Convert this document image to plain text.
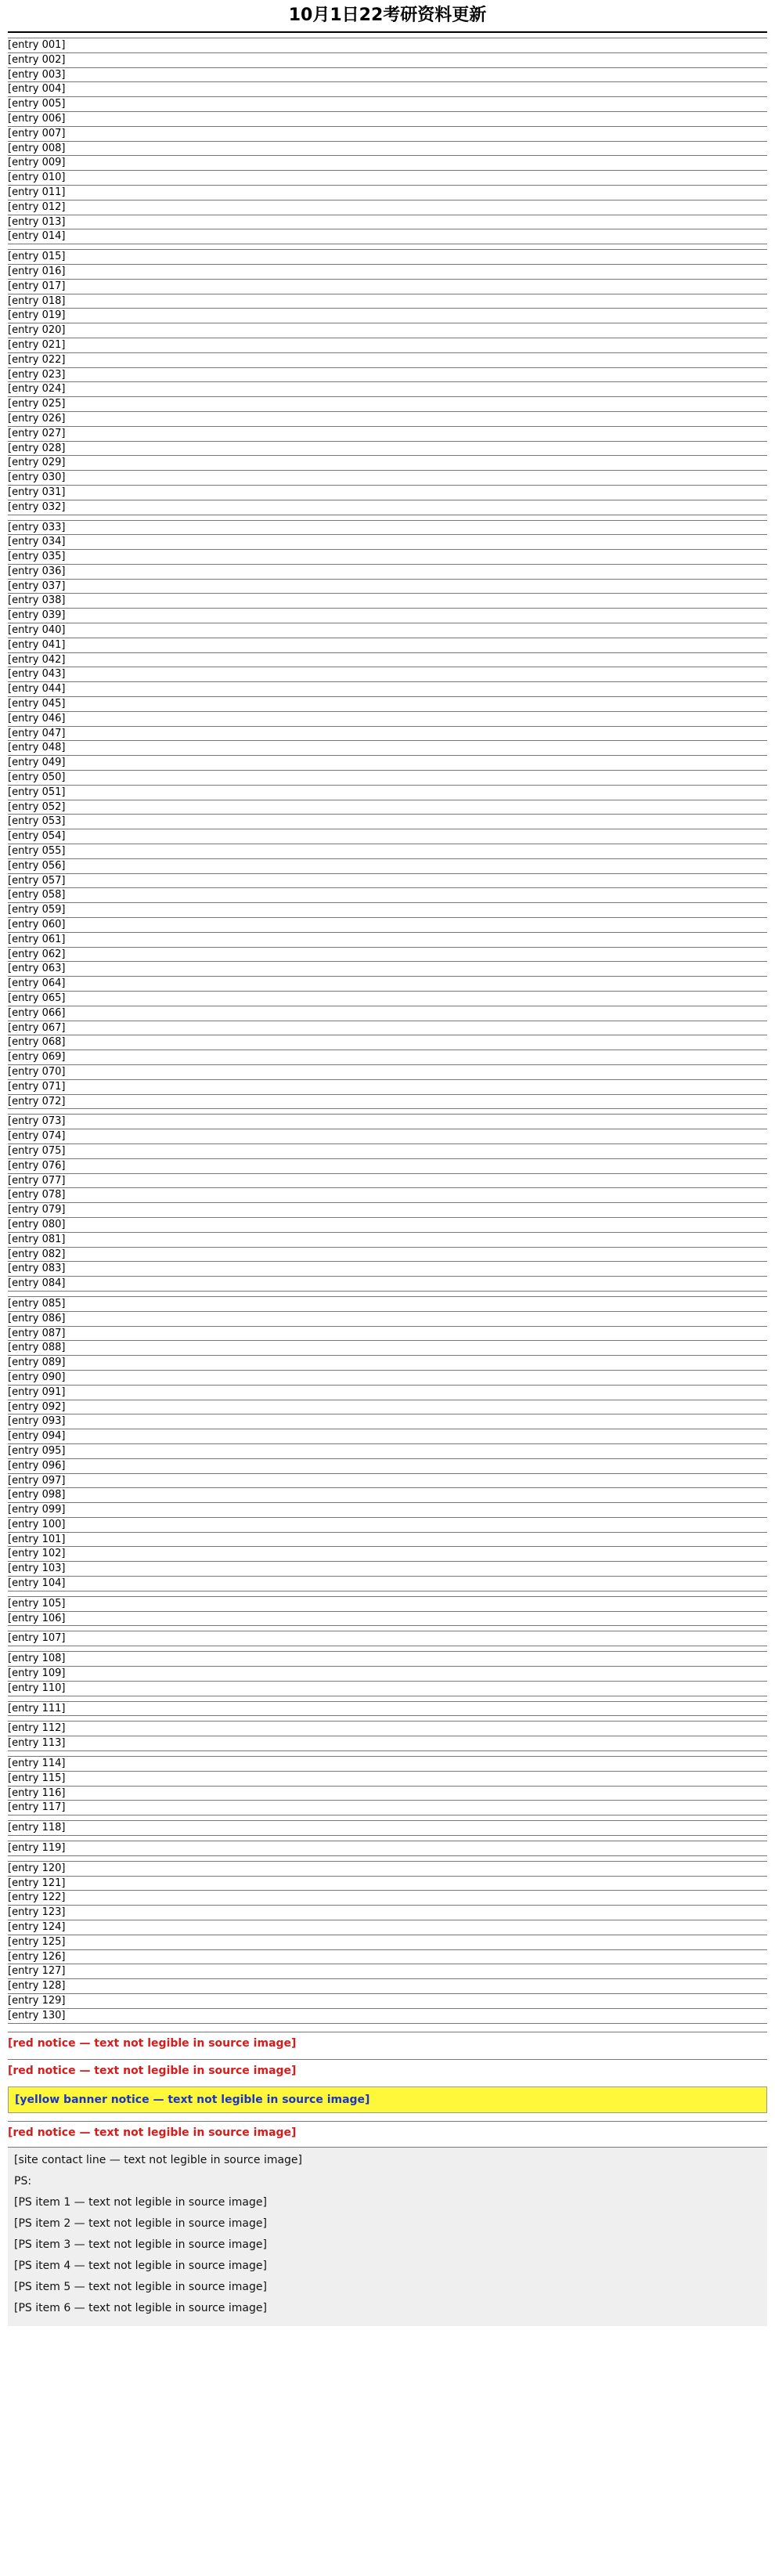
10月1日22考研资料更新
[entry 001]
[entry 002]
[entry 003]
[entry 004]
[entry 005]
[entry 006]
[entry 007]
[entry 008]
[entry 009]
[entry 010]
[entry 011]
[entry 012]
[entry 013]
[entry 014]
[entry 015]
[entry 016]
[entry 017]
[entry 018]
[entry 019]
[entry 020]
[entry 021]
[entry 022]
[entry 023]
[entry 024]
[entry 025]
[entry 026]
[entry 027]
[entry 028]
[entry 029]
[entry 030]
[entry 031]
[entry 032]
[entry 033]
[entry 034]
[entry 035]
[entry 036]
[entry 037]
[entry 038]
[entry 039]
[entry 040]
[entry 041]
[entry 042]
[entry 043]
[entry 044]
[entry 045]
[entry 046]
[entry 047]
[entry 048]
[entry 049]
[entry 050]
[entry 051]
[entry 052]
[entry 053]
[entry 054]
[entry 055]
[entry 056]
[entry 057]
[entry 058]
[entry 059]
[entry 060]
[entry 061]
[entry 062]
[entry 063]
[entry 064]
[entry 065]
[entry 066]
[entry 067]
[entry 068]
[entry 069]
[entry 070]
[entry 071]
[entry 072]
[entry 073]
[entry 074]
[entry 075]
[entry 076]
[entry 077]
[entry 078]
[entry 079]
[entry 080]
[entry 081]
[entry 082]
[entry 083]
[entry 084]
[entry 085]
[entry 086]
[entry 087]
[entry 088]
[entry 089]
[entry 090]
[entry 091]
[entry 092]
[entry 093]
[entry 094]
[entry 095]
[entry 096]
[entry 097]
[entry 098]
[entry 099]
[entry 100]
[entry 101]
[entry 102]
[entry 103]
[entry 104]
[entry 105]
[entry 106]
[entry 107]
[entry 108]
[entry 109]
[entry 110]
[entry 111]
[entry 112]
[entry 113]
[entry 114]
[entry 115]
[entry 116]
[entry 117]
[entry 118]
[entry 119]
[entry 120]
[entry 121]
[entry 122]
[entry 123]
[entry 124]
[entry 125]
[entry 126]
[entry 127]
[entry 128]
[entry 129]
[entry 130]
[red notice — text not legible in source image]
[red notice — text not legible in source image]
[yellow banner notice — text not legible in source image]
[red notice — text not legible in source image]
[site contact line — text not legible in source image]
PS:
[PS item 1 — text not legible in source image]
[PS item 2 — text not legible in source image]
[PS item 3 — text not legible in source image]
[PS item 4 — text not legible in source image]
[PS item 5 — text not legible in source image]
[PS item 6 — text not legible in source image]
